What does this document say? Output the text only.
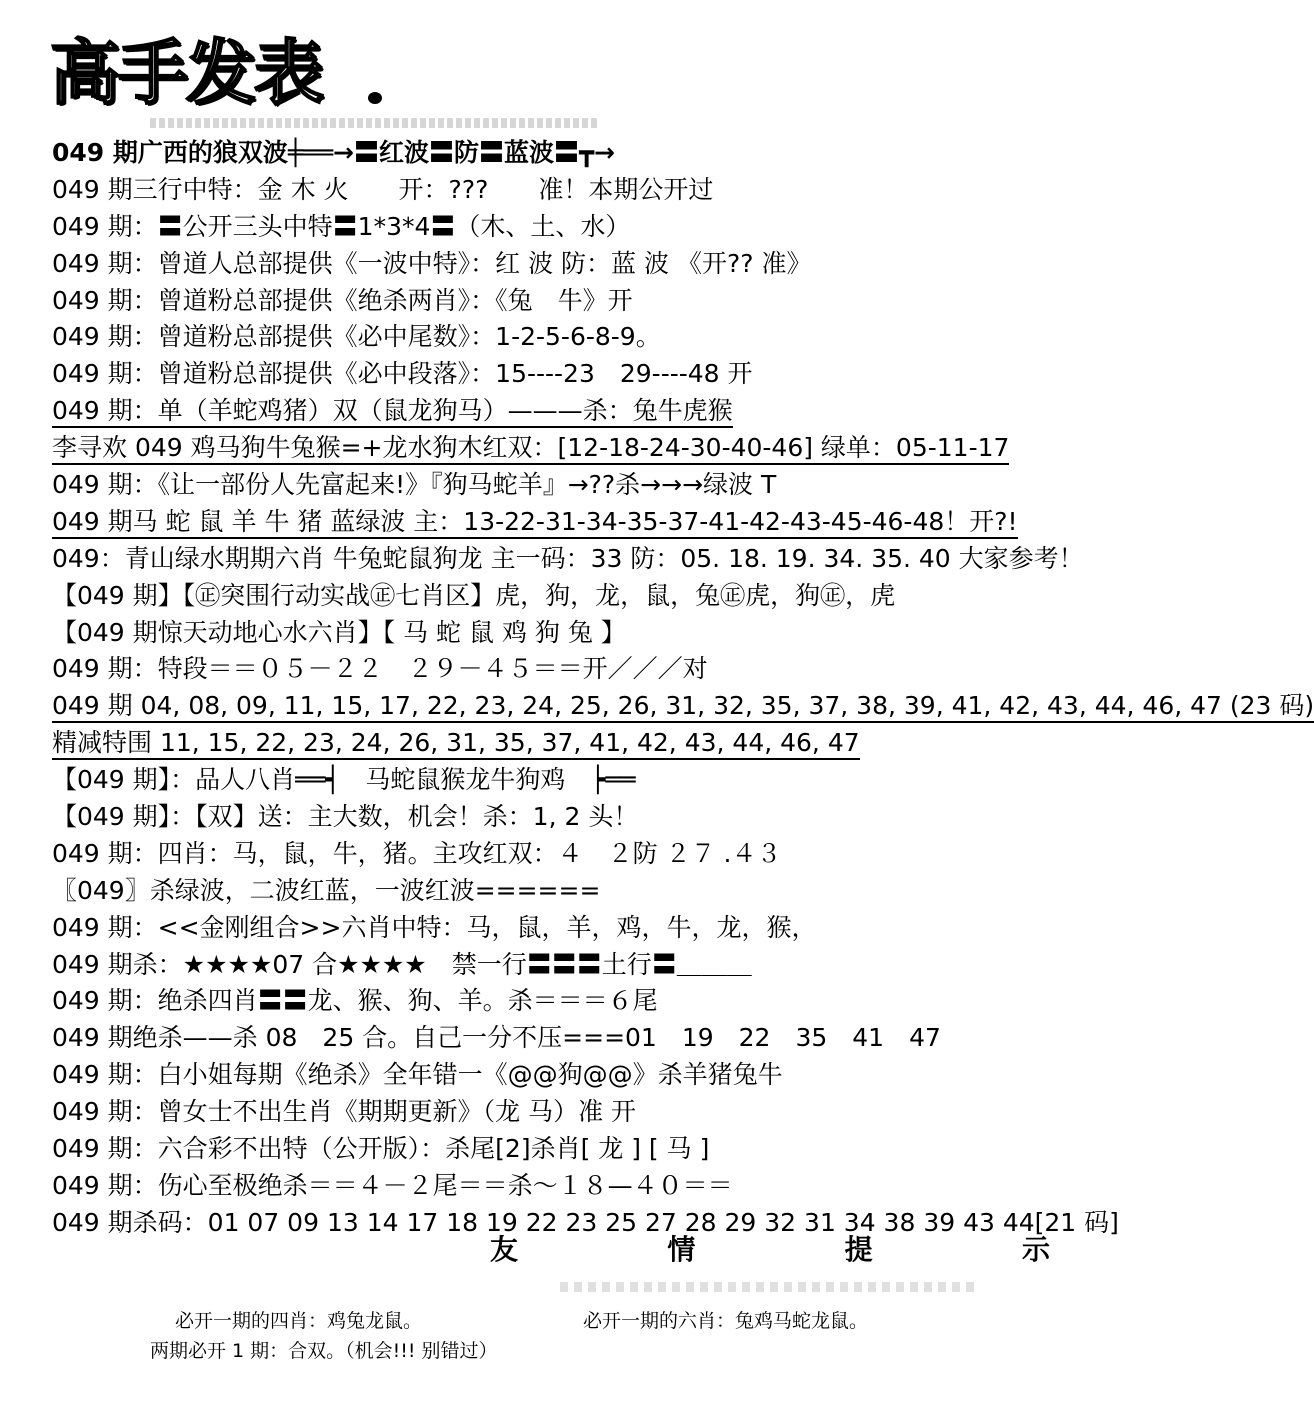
高手发表
049 期广西的狼双波╪══→〓红波〓防〓蓝波〓┳→
049 期三行中特：金 木 火　　开：???　　准！本期公开过
049 期：〓公开三头中特〓1*3*4〓（木、土、水）
049 期：曾道人总部提供《一波中特》：红 波 防：蓝 波 《开?? 准》
049 期：曾道粉总部提供《绝杀两肖》：《兔　牛》开
049 期：曾道粉总部提供《必中尾数》：1-2-5-6-8-9。
049 期：曾道粉总部提供《必中段落》：15----23　29----48 开
049 期：单（羊蛇鸡猪）双（鼠龙狗马）———杀：兔牛虎猴
李寻欢 049 鸡马狗牛兔猴=+龙水狗木红双：[12-18-24-30-40-46] 绿单：05-11-17
049 期：《让一部份人先富起来!》『狗马蛇羊』→??杀→→→绿波 T
049 期马 蛇 鼠 羊 牛 猪 蓝绿波 主：13-22-31-34-35-37-41-42-43-45-46-48！开?!
049：青山绿水期期六肖 牛兔蛇鼠狗龙 主一码：33 防：05. 18. 19. 34. 35. 40 大家参考！
【049 期】【㊣突围行动实战㊣七肖区】虎，狗，龙，鼠，兔㊣虎，狗㊣，虎
【049 期惊天动地心水六肖】【 马 蛇 鼠 鸡 狗 兔 】
049 期：特段＝＝０５－２２　２９－４５＝＝开／／／对
049 期 04, 08, 09, 11, 15, 17, 22, 23, 24, 25, 26, 31, 32, 35, 37, 38, 39, 41, 42, 43, 44, 46, 47 (23 码)
精减特围 11, 15, 22, 23, 24, 26, 31, 35, 37, 41, 42, 43, 44, 46, 47
【049 期】：品人八肖══┥　马蛇鼠猴龙牛狗鸡　┝══
【049 期】：【双】送：主大数，机会！杀：1, 2 头！
049 期：四肖：马，鼠，牛，猪。主攻红双：４　２防 ２７ .４３
〖049〗杀绿波，二波红蓝，一波红波======
049 期：<<金刚组合>>六肖中特：马，鼠，羊，鸡，牛，龙，猴，
049 期杀：★★★★07 合★★★★　禁一行〓〓〓土行〓＿＿＿
049 期：绝杀四肖〓〓龙、猴、狗、羊。杀＝＝＝６尾
049 期绝杀——杀 08　25 合。自己一分不压===01　19　22　35　41　47
049 期：白小姐每期《绝杀》全年错一《@@狗@@》杀羊猪兔牛
049 期：曾女士不出生肖《期期更新》（龙 马）准 开
049 期：六合彩不出特（公开版）：杀尾[2]杀肖[ 龙 ] [ 马 ]
049 期：伤心至极绝杀＝＝４－２尾＝＝杀～１８—４０＝＝
049 期杀码：01 07 09 13 14 17 18 19 22 23 25 27 28 29 32 31 34 38 39 43 44[21 码]
友	情	提	示
必开一期的四肖：鸡兔龙鼠。	必开一期的六肖：兔鸡马蛇龙鼠。
两期必开 1 期：合双。（机会!!! 别错过）
